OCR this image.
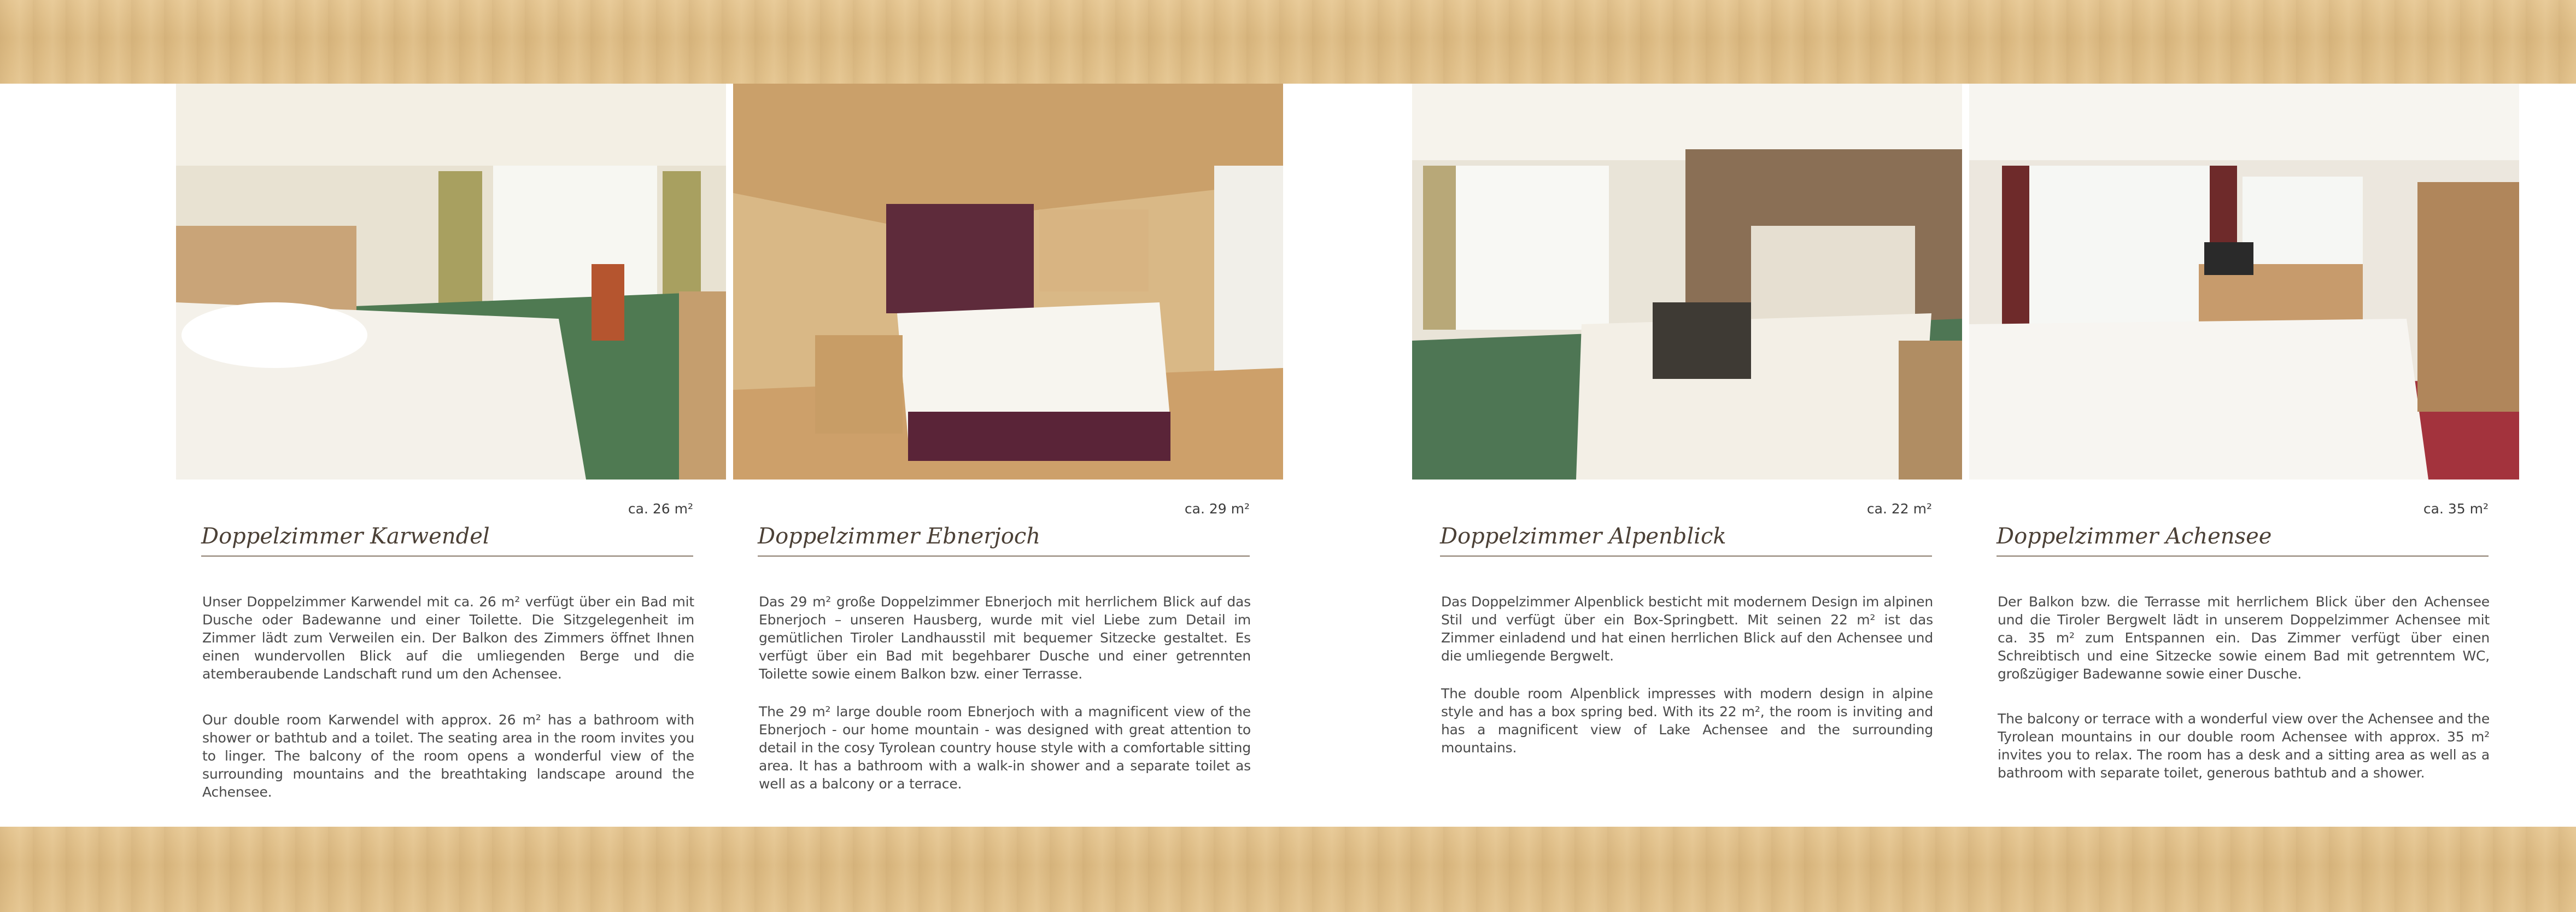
ca. 26 m²
Doppelzimmer Karwendel

Unser Doppelzimmer Karwendel mit ca. 26 m² verfügt über ein Bad mit Dusche oder Badewanne und einer Toilette. Die Sitzgelegenheit im Zimmer lädt zum Verweilen ein. Der Balkon des Zimmers öffnet Ihnen einen wundervollen Blick auf die umliegenden Berge und die atemberaubende Landschaft rund um den Achensee.

Our double room Karwendel with approx. 26 m² has a bathroom with shower or bathtub and a toilet. The seating area in the room invites you to linger. The balcony of the room opens a wonderful view of the surrounding mountains and the breathtaking landscape around the Achensee.

ca. 29 m²
Doppelzimmer Ebnerjoch

Das 29 m² große Doppelzimmer Ebnerjoch mit herrlichem Blick auf das Ebnerjoch – unseren Hausberg, wurde mit viel Liebe zum Detail im gemütlichen Tiroler Landhausstil mit bequemer Sitzecke gestaltet. Es verfügt über ein Bad mit begehbarer Dusche und einer getrennten Toilette sowie einem Balkon bzw. einer Terrasse.

The 29 m² large double room Ebnerjoch with a magnificent view of the Ebnerjoch - our home mountain - was designed with great attention to detail in the cosy Tyrolean country house style with a comfortable sitting area. It has a bathroom with a walk-in shower and a separate toilet as well as a balcony or a terrace.

ca. 22 m²
Doppelzimmer Alpenblick

Das Doppelzimmer Alpenblick besticht mit modernem Design im alpinen Stil und verfügt über ein Box-Springbett. Mit seinen 22 m² ist das Zimmer einladend und hat einen herrlichen Blick auf den Achensee und die umliegende Bergwelt.

The double room Alpenblick impresses with modern design in alpine style and has a box spring bed. With its 22 m², the room is inviting and has a magnificent view of Lake Achensee and the surrounding mountains.

ca. 35 m²
Doppelzimmer Achensee

Der Balkon bzw. die Terrasse mit herrlichem Blick über den Achensee und die Tiroler Bergwelt lädt in unserem Doppelzimmer Achensee mit ca. 35 m² zum Entspannen ein. Das Zimmer verfügt über einen Schreibtisch und eine Sitzecke sowie einem Bad mit getrenntem WC, großzügiger Badewanne sowie einer Dusche.

The balcony or terrace with a wonderful view over the Achensee and the Tyrolean mountains in our double room Achensee with approx. 35 m² invites you to relax. The room has a desk and a sitting area as well as a bathroom with separate toilet, generous bathtub and a shower.
